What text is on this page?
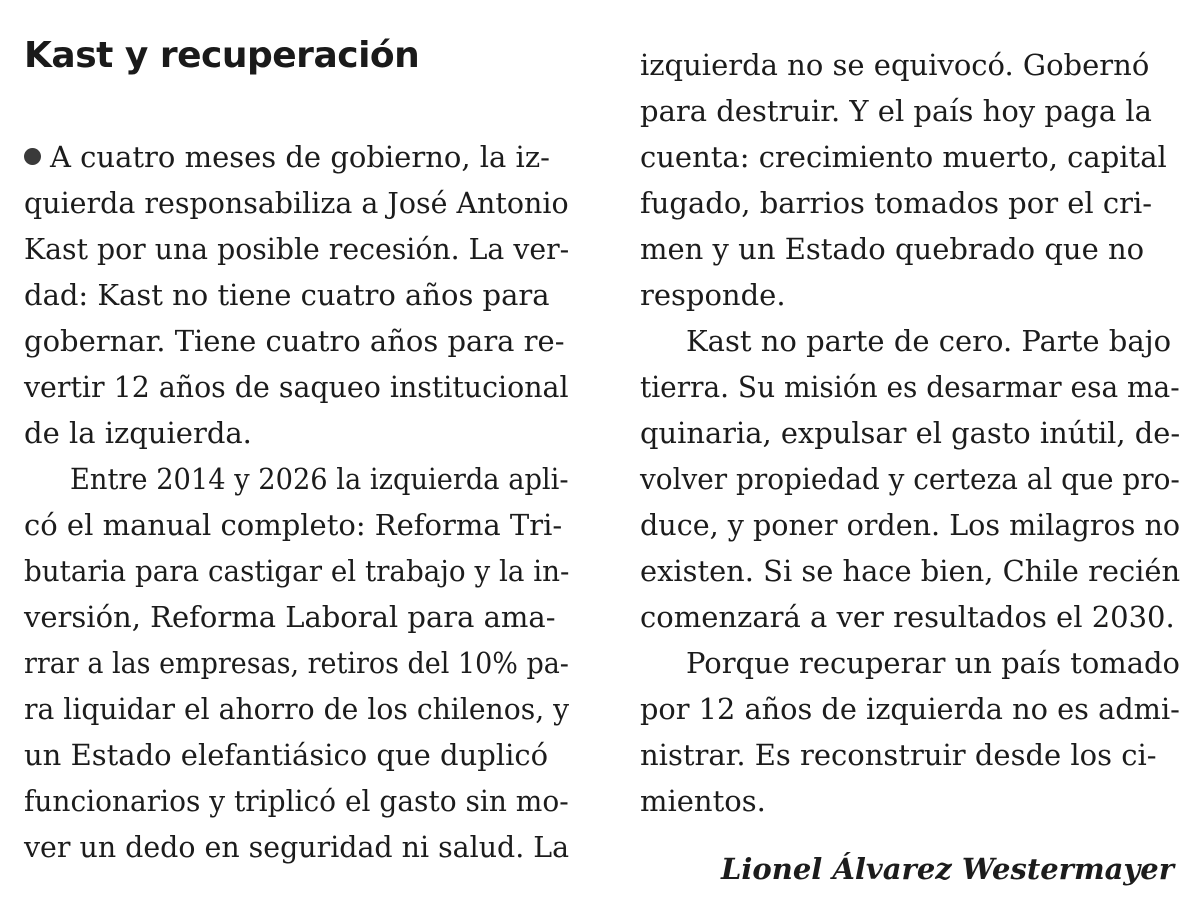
Kast y recuperación
A cuatro meses de gobierno, la iz-
quierda responsabiliza a José Antonio
Kast por una posible recesión. La ver-
dad: Kast no tiene cuatro años para
gobernar. Tiene cuatro años para re-
vertir 12 años de saqueo institucional
de la izquierda.
Entre 2014 y 2026 la izquierda apli-
có el manual completo: Reforma Tri-
butaria para castigar el trabajo y la in-
versión, Reforma Laboral para ama-
rrar a las empresas, retiros del 10% pa-
ra liquidar el ahorro de los chilenos, y
un Estado elefantiásico que duplicó
funcionarios y triplicó el gasto sin mo-
ver un dedo en seguridad ni salud. La
izquierda no se equivocó. Gobernó
para destruir. Y el país hoy paga la
cuenta: crecimiento muerto, capital
fugado, barrios tomados por el cri-
men y un Estado quebrado que no
responde.
Kast no parte de cero. Parte bajo
tierra. Su misión es desarmar esa ma-
quinaria, expulsar el gasto inútil, de-
volver propiedad y certeza al que pro-
duce, y poner orden. Los milagros no
existen. Si se hace bien, Chile recién
comenzará a ver resultados el 2030.
Porque recuperar un país tomado
por 12 años de izquierda no es admi-
nistrar. Es reconstruir desde los ci-
mientos.
Lionel Álvarez Westermayer
